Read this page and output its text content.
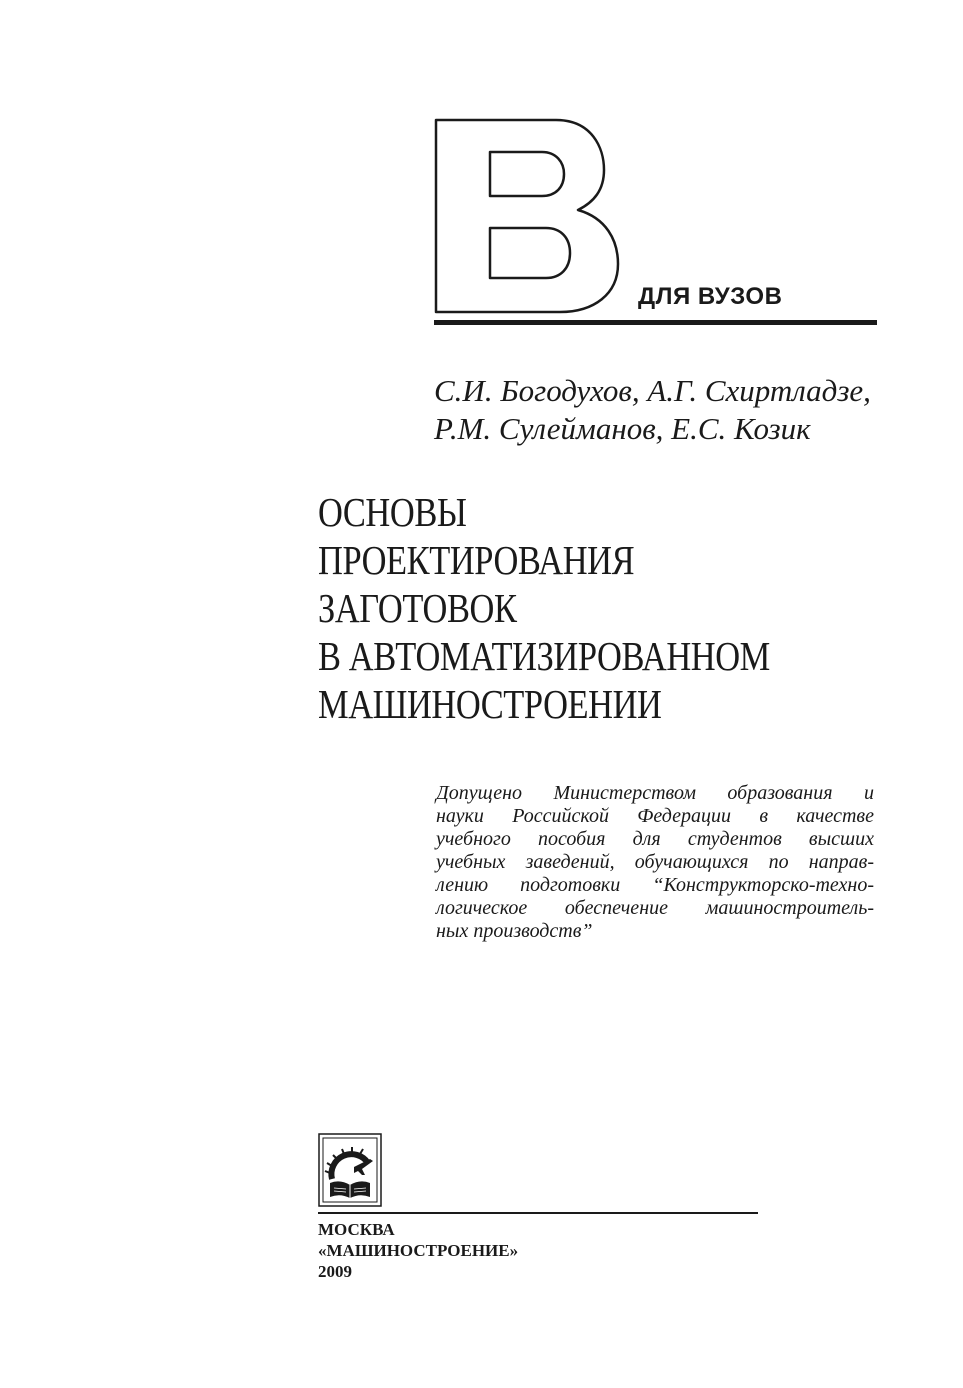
ДЛЯ ВУЗОВ
С.И. Богодухов, А.Г. Схиртладзе,
Р.М. Сулейманов, Е.С. Козик
ОСНОВЫ
ПРОЕКТИРОВАНИЯ
ЗАГОТОВОК
В АВТОМАТИЗИРОВАННОМ
МАШИНОСТРОЕНИИ
Допущено Министерством образования и
науки Российской Федерации в качестве
учебного пособия для студентов высших
учебных заведений, обучающихся по направ-
лению подготовки “Конструкторско-техно-
логическое обеспечение машиностроитель-
ных производств”
МОСКВА
«МАШИНОСТРОЕНИЕ»
2009
